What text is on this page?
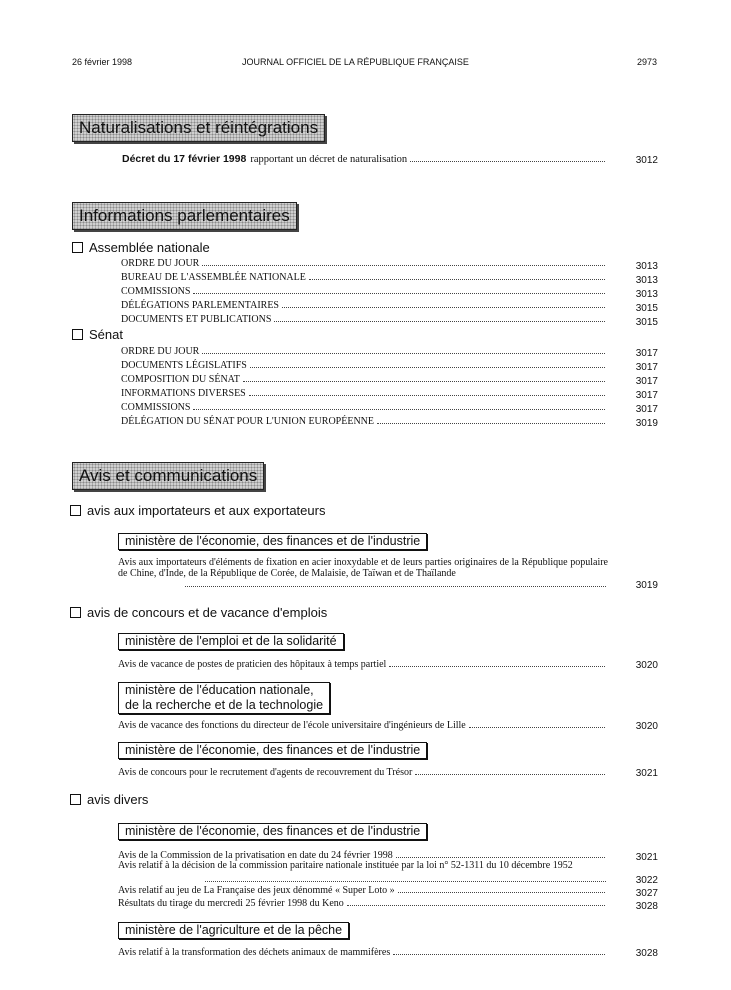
26 février 1998	JOURNAL OFFICIEL DE LA RÉPUBLIQUE FRANÇAISE	2973
Naturalisations et réintégrations
Décret du 17 février 1998 rapportant un décret de naturalisation	3012
Informations parlementaires
Assemblée nationale
ORDRE DU JOUR	3013
BUREAU DE L'ASSEMBLÉE NATIONALE	3013
COMMISSIONS	3013
DÉLÉGATIONS PARLEMENTAIRES	3015
DOCUMENTS ET PUBLICATIONS	3015
Sénat
ORDRE DU JOUR	3017
DOCUMENTS LÉGISLATIFS	3017
COMPOSITION DU SÉNAT	3017
INFORMATIONS DIVERSES	3017
COMMISSIONS	3017
DÉLÉGATION DU SÉNAT POUR L'UNION EUROPÉENNE	3019
Avis et communications
avis aux importateurs et aux exportateurs
ministère de l'économie, des finances et de l'industrie
Avis aux importateurs d'éléments de fixation en acier inoxydable et de leurs parties originaires de la République populaire de Chine, d'Inde, de la République de Corée, de Malaisie, de Taïwan et de Thaïlande
3019
avis de concours et de vacance d'emplois
ministère de l'emploi et de la solidarité
Avis de vacance de postes de praticien des hôpitaux à temps partiel	3020
ministère de l'éducation nationale,
de la recherche et de la technologie
Avis de vacance des fonctions du directeur de l'école universitaire d'ingénieurs de Lille	3020
ministère de l'économie, des finances et de l'industrie
Avis de concours pour le recrutement d'agents de recouvrement du Trésor	3021
avis divers
ministère de l'économie, des finances et de l'industrie
Avis de la Commission de la privatisation en date du 24 février 1998	3021
Avis relatif à la décision de la commission paritaire nationale instituée par la loi n° 52-1311 du 10 décembre 1952
3022
Avis relatif au jeu de La Française des jeux dénommé « Super Loto »	3027
Résultats du tirage du mercredi 25 février 1998 du Keno	3028
ministère de l'agriculture et de la pêche
Avis relatif à la transformation des déchets animaux de mammifères	3028
